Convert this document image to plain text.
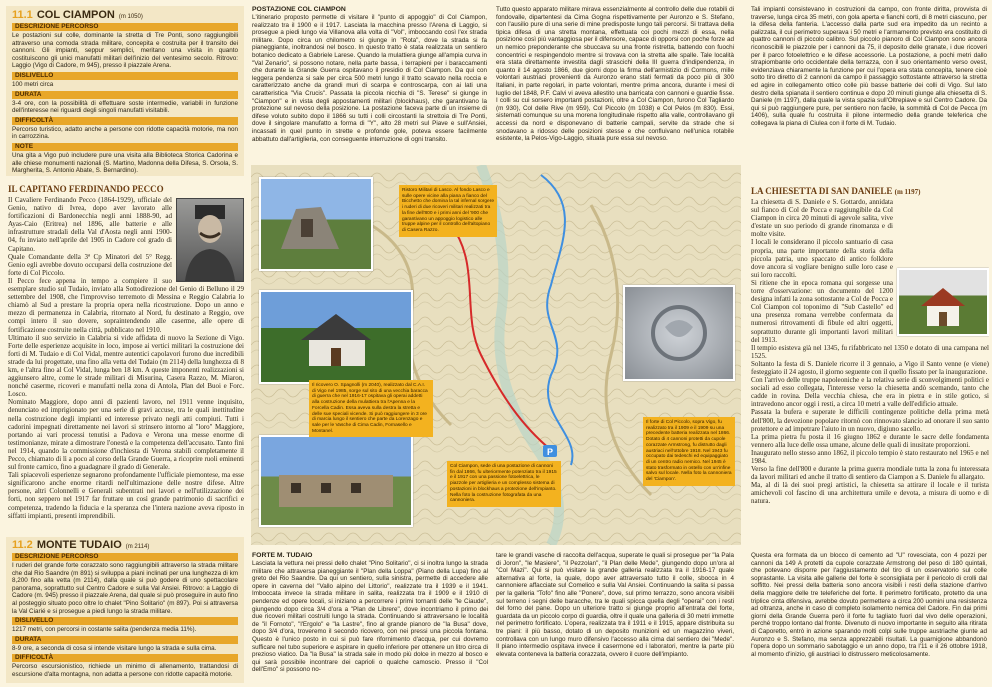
11.1 COL CIAMPON (m 1050)
DESCRIZIONE PERCORSO

Le postazioni sul colle, dominante la stretta di Tre Ponti, sono raggiungibili attraverso una comoda strada militare, concepita e costruita per il transito dei cannoni. Gli impianti, seppur semplici, meritano una visita in quanto costituiscono gli unici manufatti militari dell'inizio del ventesimo secolo. Ritrovo: Laggio (Vigo di Cadore, m 945), presso il piazzale Arena.

DISLIVELLO

100 metri circa

DURATA

3-4 ore, con la possibilità di effettuare soste intermedie, variabili in funzione dell'interesse nei riguardi degli singoli manufatti visitabili.

DIFFICOLTÀ

Percorso turistico, adatto anche a persone con ridotte capacità motorie, ma non in carrozzina.

NOTE

Una gita a Vigo può includere pure una visita alla Biblioteca Storica Cadorina e alle chiese monumenti nazionali (S. Martino, Madonna della Difesa, S. Orsola, S. Margherita, S. Antonio Abate, S. Bernardino).

IL CAPITANO FERDINANDO PECCO

Il Cavaliere Ferdinando Pecco (1864-1929), ufficiale del Genio, nativo di Ivrea, dopo aver lavorato alle fortificazioni di Bardonecchia negli anni 1888-90, ad Ayas-Caio (Eritrea) nel 1896, alle batterie e alle infrastrutture stradali della Val d'Aosta negli anni 1900-04, fu inviato nell'aprile del 1905 in Cadore col grado di Capitano.

Quale Comandante della 3ª Cp Minatori del 5° Regg. Genio egli avrebbe dovuto occuparsi della costruzione del forte di Col Piccolo.

Il Pecco fece appena in tempo a compiere il suo esemplare studio sul Tudaio, inviato alla Sottodirezione del Genio di Belluno il 29 settembre del 1908, che l'improvviso terremoto di Messina e Reggio Calabria lo chiamò al Sud a prestare la propria opera nella ricostruzione. Dopo un anno e mezzo di permanenza in Calabria, ritornato al Nord, fu destinato a Reggio, ove compì intero il suo dovere, sopraintendendo alle caserme, alle opere di fortificazione costruite nella città, pubblicato nel 1910.

Ultimato il suo servizio in Calabria si vide affidata di nuovo la Sezione di Vigo. Forte delle esperienze acquisite in loco, impose ai vertici militari la costruzione dei forti di M. Tudaio e di Col Vidal, mentre autentici capolavori furono due incredibili strade da lui progettate, una fino alla vetta del Tudaio (m 2114) della lunghezza di 8 km, e l'altra fino al Col Vidal, lunga ben 18 km. A queste imponenti realizzazioni si aggiunsero altre, come le strade militari di Misurina, Casera Razzo, M. Miaron, nonché caserme, ricoveri e manufatti nella zona di Antola, Plan del Buoi e Forc. Losco.

Nominato Maggiore, dopo anni di pazienti lavoro, nel 1911 venne inquisito, denunciato ed imprigionato per una serie di gravi accuse, tra le quali inettitudine nella costruzione degli impianti ed interesse privato negli atti compiuti. Tutti i cadorini impegnati direttamente nei lavori si strinsero intorno al "loro" Maggiore, portando ai vari processi tenutisi a Padova e Verona una messe enorme di testimonianze, mirate a dimostrare l'onestà e la competenza dell'accusato. Tanto fini nel 1914, quando la commissione d'inchiesta di Verona stabilì completamente il Pecco, chiamato di lì a poco al corso della Grande Guerra, a ricoprire ruoli eminenti sul fronte carnico, fino a guadagnare il grado di Generale.

Tali spiacevoli esperienze segnarono profondamente l'ufficiale piemontese, ma esse significarono anche enorme ritardi nell'ultimazione delle nostre difese. Altre persone, altri Colonnelli e Generali subentrati nei lavori e nell'utilizzazione dei forti, non seppero nel 1917 far fruttare un così grande patrimonio di sacrifici e competenza, tradendo la fiducia e la speranza che l'intera nazione aveva riposto in siffatti impianti, presenti imprendibili.

11.2 MONTE TUDAIO (m 2114)
DESCRIZIONE PERCORSO

I ruderi del grande forte corazzato sono raggiungibili attraverso la strada militare che dal Rio Saandre (m 891) si sviluppa a piani inclinati per una lunghezza di km 8,200 fino alla vetta (m 2114), dalla quale si può godere di uno spettacolare panorama, soprattutto sul Centro Cadore e sulla Val Ansiei. Ritrovo: a Laggio di Cadore (m. 945) presso il piazzale Arena, dal quale si può proseguire in auto fino al posteggio situato poco oltre lo chalet "Pino Solitario" (m 897). Poi si attraversa la Val Ciarié e si prosegue a piedi lungo la strada militare.

DISLIVELLO

1217 metri, con percorsi in costante salita (pendenza media 11%).

DURATA

8-9 ore, a seconda di cosa si intende visitare lungo la strada e sulla cima.

DIFFICOLTÀ

Percorso escursionistico, richiede un minimo di allenamento, trattandosi di escursione d'alta montagna, non adatta a persone con ridotte capacità motorie.

POSTAZIONE COL CIAMPON

L'itinerario proposto permette di visitare il "punto di appoggio" di Col Ciampon, realizzato tra il 1900 e il 1917. Lasciata la macchina presso l'Arena di Laggio, si prosegue a piedi lungo via Villanova alla volta di "Vol", imboccando così l'ex strada militare. Dopo circa un chilometro si giunge in "Rota", dove la strada si fa pianeggiante, inoltrandosi nel bosco. In questo tratto è stata realizzata un sentiero botanico dedicato a Gabriele Larese. Quando la mulattiera giunge all'ampia curva in "Val Zenario", si possono notare, nella parte bassa, i terrapieni per i baraccamenti che durante la Grande Guerra ospitavano il presidio di Col Ciampon. Da qui con leggera pendenza si sale per circa 500 metri lungo il tratto scavato nella roccia e caratterizzato anche da grandi muri di scarpa e controscarpa, con ai lati una caratteristica "Via Crucis". Passata la piccola nicchia di "S. Terese" si giunge in "Ciampon" e in vista degli appostamenti militari (blockhaus), che garantivano la protezione sul nevoso della posizione. La postazione faceva parte di un insieme di difese voluto subito dopo il 1866 su tutti i colli circostanti la strettoia di Tre Ponti, dove il singolare manufatto a forma di "Y", alto 28 metri sul Piave e sull'Ansiei, incassati in quel punto in strette e profonde gole, poteva essere facilmente abbattuto dall'artiglieria, con conseguente interruzione di ogni transito.

Tutto questo apparato militare mirava essenzialmente al controllo delle due rotabili di fondovalle, dipartentesi da Cima Gogna rispettivamente per Auronzo e S. Stefano, con l'ausilio pure di una serie di mine predisposte lungo tali percorsi. Si trattava della tipica difesa di una stretta montana, effettuata coi pochi mezzi di essa, nella posizione così più vantaggiosa per il difensore, capace di opporsi con poche forze ad un nemico preponderante che sbuccava su una fronte ristretta, battendo con fuochi concentrici e respingendolo mentre si trovava con la stretta alle spalle. Tale località era stata direttamente investita dagli strascichi della III guerra d'indipendenza, in quanto il 14 agosto 1866, due giorni dopo la firma dell'armistizio di Cormons, mille volontari austriaci provenienti da Auronzo erano stati fermati da poco più di 300 Italiani, in parte regolari, in parte volontari, mentre prima ancora, durante i mesi di luglio del 1848, P.F. Calvi vi aveva allestito una barricata con cannoni e guardie fisse. I colli su cui sorsero importanti postazioni, oltre a Col Ciampon, furono Col Tagliardo (m 930), Col delle Rive (m 959), Col Piccolo (m 1038) e Col Pelos (m 830). Essi, sistemati comunque su una morena longitudinale rispetto alla valle, controllavano gli accessi da nord e disponevano di batterie campali, servite da strade che si snodavano a ridosso delle posizioni stesse e che confluivano nell'unica rotabile esistente, la Pelos-Vigo-Laggio, situata pure essa sul nevoso.

Tali impianti consistevano in costruzioni da campo, con fronte diritta, provvista di traverse, lunga circa 35 metri, con gola aperta e fianchi corti, di 8 metri ciascuno, per la difesa della fanteria. L'accesso dalla parte sud era impedito da un recinto a palizzata, il cui perimetro superava i 50 metri e l'armamento previsto era costituito di quattro cannoni di piccolo calibro. Sul piccolo pianoro di Col Ciampon sono ancora riconoscibili le piazzole per i cannoni da 75, il deposito delle granate, i due ricoveri per il parco fotoelettrico e le difese accessorie. La postazione, a pochi metri dallo strapiombante orlo occidentale della terrazza, con il suo orientamento verso ovest, evidenziava chiaramente la funzione per cui l'opera era stata concepita, tenere cioè sotto tiro diretto di 2 cannoni da campo il passaggio sottostante attraverso la stretta ed agire in collegamento ottico colle più basse batterie dei colli di Vigo. Sul lato destro della spianata il sentiero continua e dopo 20 minuti giunge alla chiesetta di S. Daniele (m 1197), dalla quale la vista spazia sull'Oltrepiave e sul Centro Cadore. Da qui si può raggiungere pure, per sentiero non facile, la sommità di Col de Pecca (m 1406), sulla quale fu costruita il pilone intermedio della grande teleferica che collegava la piana di Ciulea con il forte di M. Tudaio.

P
Ristoro Militari di Lasco. Al fondo Lasco e sulle opere vicine alla piana a fianco del Bicchetto che domina la tal infernal sorgere i ruderi di due ricoveri militari realizzati tra la fine dell'800 e i primi anni del '900 che garantivano un appoggio logistico alle truppe alpine per il controllo dell'altopiano di Casera Razzo.
Il ricovero O. Spagnolli (m 2040), realizzato dal C.A.I. di Vigo nel 1985, sorge sul sito di una vecchia baracca di guerra che nel 1916-17 ospitava gli operai addetti alla costruzione della mulattiera tra l'Apenna e la Forcella Cadin. Essa aveva sulla destra la stretta e delle sue speciali vicende. Si può raggiungere in 3 ore di marcia lungo il sentiero che parte da Lorenzago e sale per le Vasche di Cima Cadin, Fornasello e Montanel.
Col Ciampon, sede di una postazione di cannoni fin dal 1866, fu ulteriormente potenziato tra il 1915 e il 1917 con una passione fotoelettrica, le piazzole per artiglieria e un complesso sistema di postazioni in blockhaus a protezione dell'impianto. Nella foto la costruzione fotografata da una cannoniera.
Il forte di Col Piccolo, sopra Vigo, fu realizzato tra il 1909 e il 1909 su una precedente batteria realizzata nel 1866. Dotato di 4 cannoni protetti da cupole corazzate Armstrong, fu distrutto dagli austriaci nell'ottobre 1918. Nel 1943 fu occupato dai tedeschi ed equipaggiato di un centro radio nemico. Nel 1945 è stato trasformato in ostello con un'infine salvo sul locale. Nella foto la cannoniera del 'Ciampon'.
LA CHIESETTA DI SAN DANIELE (m 1197)

La chiesetta di S. Daniele e S. Gottardo, annidata sul fianco di Col de Pocca e raggiungibile da Col Ciampon in circa 20 minuti di agevole salita, vive d'estate un suo periodo di grande rinomanza e di molte visite.

I locali le considerano il piccolo santuario di casa propria, una parte importante della storia della piccola patria, uno spaccato di antico folklore dove ancora si vogliare benigno sulle loro case e sui loro raccolti.

Si ritiene che in epoca romana qui sorgesse una torre d'osservazione: un documento del 1200 designa infatti la zona sottostante a Col de Pocca e Col Ciampon col toponimo di "Sub Castello" ed una presenza romana verrebbe confermata da numerosi ritrovamenti di fibule ed altri oggetti, soprattutto durante gli importanti lavori militari del 1913.

Il tempio esisteva già nel 1345, fu rifabbricato nel 1350 e dotato di una campana nel 1525.

Soltanto la festa di S. Daniele ricorre il 3 gennaio, a Vigo il Santo venne (e viene) festeggiato il 24 agosto, il giorno seguente con il quello fissato per la inaugurazione.

Con l'arrivo delle truppe napoleoniche e la relativa serie di sconvolgimenti politici e sociali ad esso collegata, l'interesse verso la chiesetta andò scemando, tanto che cadde in rovina. Della vecchia chiesa, che era in pietra e in stile gotico, si intravedono ancor oggi i resti, a circa 10 metri a valle dell'edificio attuale.

Passata la bufera e superate le difficili contingenze politiche della prima metà dell'800, la devozione popolare ritornò con rinnovato slancio ad onorare il suo santo protettore e ad impetrare l'aiuto in un nuovo, digiuno sacello.

La prima pietra fu posta il 16 giugno 1862 e durante le sacre delle fondamenta vennero alla luce delle ossa umane, alcune delle quali di inusitate proporzioni.

Inaugurato nello stesso anno 1862, il piccolo tempio è stato restaurato nel 1965 e nel 1984.

Verso la fine dell'800 e durante la prima guerra mondiale tutta la zona fu interessata da lavori militari ed anche il tratto di sentiero da Ciampon a S. Daniele fu allargato.

Ma, al di là dei suoi pregi artistici, la chiesetta sa attirare il locale e il turista amichevoli col fascino di una architettura umile e devota, a misura di uomo e di natura.

FORTE M. TUDAIO

Lasciata la vettura nei pressi dello chalet "Pino Solitario", ci si inoltra lungo la strada militare che attraversa pianeggiante il "Plan della Loppa" (Piano della Lupa) fino al greto del Rio Saandre. Da qui un sentiero, sulla sinistra, permette di accedere alle opere in caverna del "Vallo alpino del Littorio", realizzate tra il 1939 e il 1941. Imboccata invece la strada militare in salita, realizzata tra il 1909 e il 1910 di pendenze ed opere locali, si iniziano a percorrere i primi tornanti delle "le Ciaude", giungendo dopo circa 3/4 d'ora a "Plan de Librere", dove incontriamo il primo dei due ricoveri militari costruiti lungo la strada. Continuando si attraversano le località de "il Fornoto", "l'Ergolo" e "la Lastre", fino al grande pianoro de "la Busa" dove, dopo 3/4 d'ora, troveremo il secondo ricovero, con nei pressi una piccola fontana. Questo è l'unico posto in cui si può fare rifornimento d'acqua, per cui dovremo sufficare nel tubo superiore e aspirare in quello inferiore per ottenere un litro circa di prezioso viatico. Da "la Busa" la strada sale in modo più dolce in mezzo al bosco e qui sarà possibile incontrare dei caprioli o qualche camoscio. Presso il "Col dell'Emo" si possono no-

tare le grandi vasche di raccolta dell'acqua, superate le quali si prosegue per "la Pala di Joron", "le Masiere", "il Pezzolan", "il Plan delle Mede", giungendo dopo un'ora al "Col Mazi". Qui si può visitare la grande galleria realizzata tra il 1916-17 quale alternativa al forte, la quale, dopo aver attraversato tutto il colle, sbocca in 4 cannoniere affacciate sul Comelico e sulla Val Ansiei. Continuando la salita si passa per la galleria "Tofo" fino alle "Ponere", dove, sul primo terrazzo, sono ancora visibili sul terreno i segni delle baracche, tra le quali spicca quella degli "operai" con i resti del forno del pane. Dopo un ulteriore tratto si giunge proprio all'entrata del forte, guardata da un piccolo corpo di guardia, oltre il quale una galleria di 30 metri immette nel perimetro fortificato. L'opera, realizzata tra il 1911 e il 1915, appare distribuita su tre piani: il più basso, dotato di un deposito munizioni ed un magazzino viveri, controllava con un lungo muro difensivo l'accesso alla cima dal sentiero dei "Mede". Il piano intermedio ospitava invece il casermone ed i laboratori, mentre la parte più elevata conteneva la batteria corazzata, ovvero il cuore dell'impianto.

Questa era formata da un blocco di cemento ad "U" rovesciata, con 4 pozzi per cannoni da 149 A protetti da cupole corazzate Armstrong del peso di 180 quintali, che potevano disporre per l'aggiustamento del tiro di un osservatorio sul colle soprastante. La visita alle gallerie del forte è sconsigliata per il pericolo di crolli dal soffitto. Nei pressi della batteria sono ancora visibili i resti della stazione d'arrivo della maggiore delle tre teleferiche del forte. Il perimetro fortificato, protetto da una triplice cinta difensiva, avrebbe dovuto permettere a circa 200 uomini una resistenza ad oltranza, anche in caso di completo isolamento nemica del Cadore. Fin dai primi giorni della Grande Guerra però il forte fu tagliato fuori dal vivo delle operazioni, perché troppo lontano dal fronte. Divenuto di nuovo importante in seguito alla ritirata di Caporetto, entrò in azione sparando molti colpi sulle truppe austriache giunte ad Auronzo e S. Stefano, ma senza apprezzabili risultati. La guarnigione abbandonò l'opera dopo un sommario sabotaggio e un anno dopo, tra l'11 e il 26 ottobre 1918, al momento d'inizio, gli austriaci lo distrussero meticolosamente.
